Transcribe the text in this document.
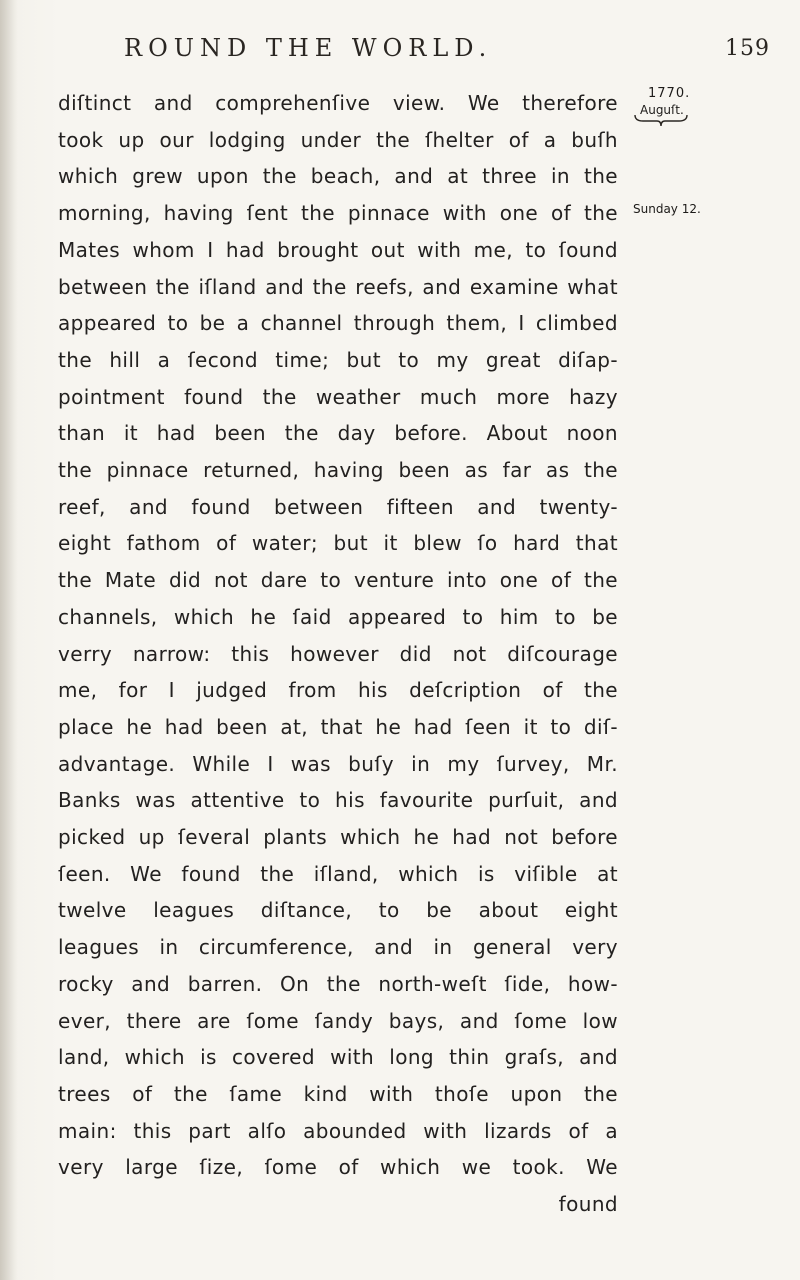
ROUND THE WORLD.	159
1770.
Auguſt.
Sunday 12.
diſtinct and comprehenſive view. We therefore
took up our lodging under the ſhelter of a buſh
which grew upon the beach, and at three in the
morning, having ſent the pinnace with one of the
Mates whom I had brought out with me, to ſound
between the iſland and the reefs, and examine what
appeared to be a channel through them, I climbed
the hill a ſecond time; but to my great diſap-
pointment found the weather much more hazy
than it had been the day before. About noon
the pinnace returned, having been as far as the
reef, and found between fifteen and twenty-
eight fathom of water; but it blew ſo hard that
the Mate did not dare to venture into one of the
channels, which he ſaid appeared to him to be
verry narrow: this however did not diſcourage
me, for I judged from his deſcription of the
place he had been at, that he had ſeen it to diſ-
advantage. While I was buſy in my ſurvey, Mr.
Banks was attentive to his favourite purſuit, and
picked up ſeveral plants which he had not before
ſeen. We found the iſland, which is viſible at
twelve leagues diſtance, to be about eight
leagues in circumference, and in general very
rocky and barren. On the north-weſt ſide, how-
ever, there are ſome ſandy bays, and ſome low
land, which is covered with long thin graſs, and
trees of the ſame kind with thoſe upon the
main: this part alſo abounded with lizards of a
very large ſize, ſome of which we took. We
found
